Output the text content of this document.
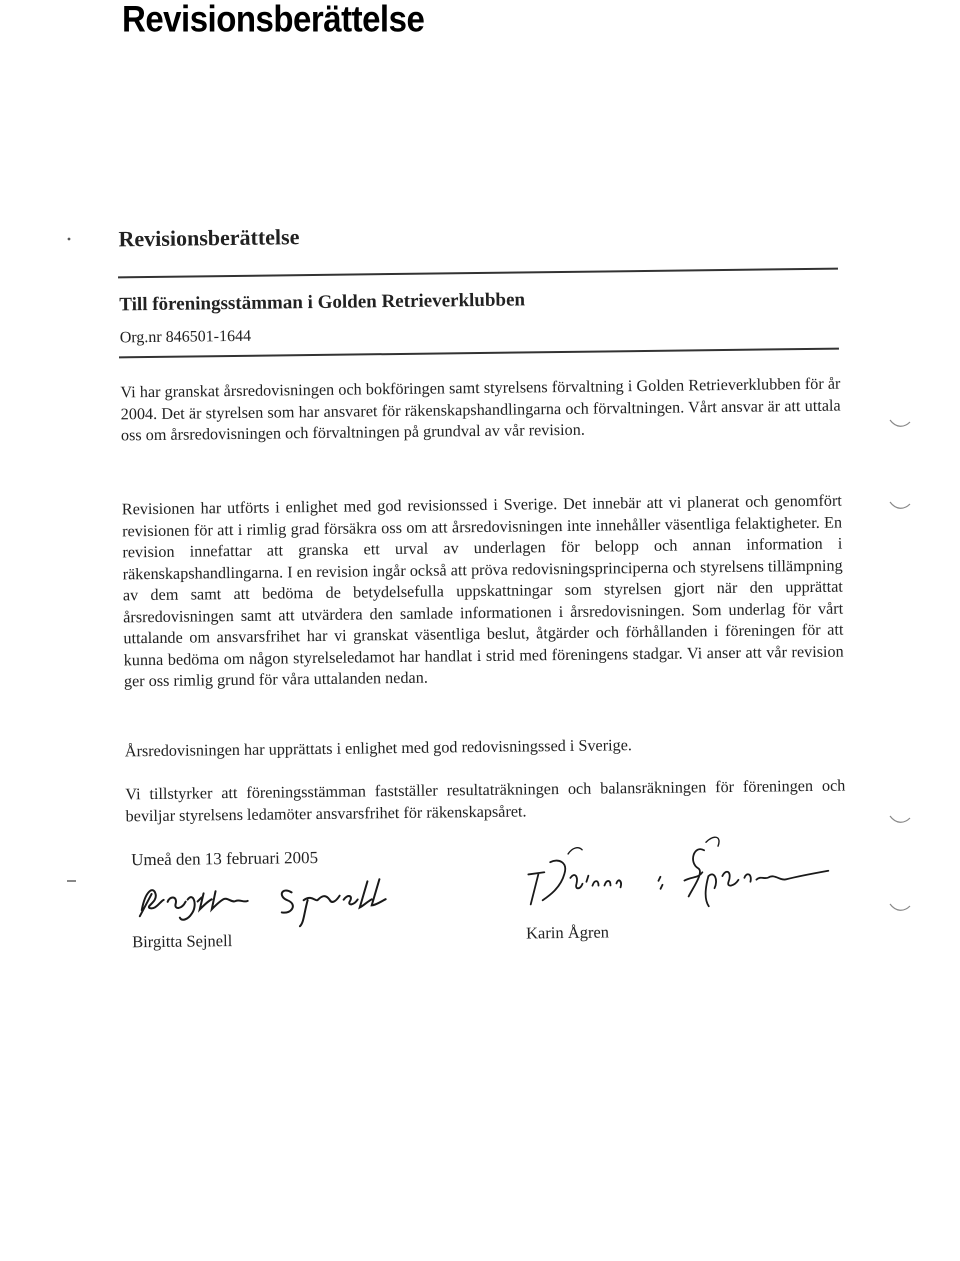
Revisionsberättelse
Revisionsberättelse
Till föreningsstämman i Golden Retrieverklubben
Org.nr 846501-1644

Vi har granskat årsredovisningen och bokföringen samt styrelsens förvaltning i Golden Retrieverklubben för år 2004. Det är styrelsen som har ansvaret för räkenskapshandlingarna och förvaltningen. Vårt ansvar är att uttala oss om årsredovisningen och förvaltningen på grundval av vår revision.

Revisionen har utförts i enlighet med god revisionssed i Sverige. Det innebär att vi planerat och genomfört revisionen för att i rimlig grad försäkra oss om att årsredovisningen inte innehåller väsentliga felaktigheter. En revision innefattar att granska ett urval av underlagen för belopp och annan information i räkenskapshandlingarna. I en revision ingår också att pröva redovisningsprinciperna och styrelsens tillämpning av dem samt att bedöma de betydelsefulla uppskattningar som styrelsen gjort när den upprättat årsredovisningen samt att utvärdera den samlade informationen i årsredovisningen. Som underlag för vårt uttalande om ansvarsfrihet har vi granskat väsentliga beslut, åtgärder och förhållanden i föreningen för att kunna bedöma om någon styrelseledamot har handlat i strid med föreningens stadgar. Vi anser att vår revision ger oss rimlig grund för våra uttalanden nedan.

Årsredovisningen har upprättats i enlighet med god redovisningssed i Sverige.

Vi tillstyrker att föreningsstämman fastställer resultaträkningen och balansräkningen för föreningen och beviljar styrelsens ledamöter ansvarsfrihet för räkenskapsåret.

Umeå den 13 februari 2005
Birgitta Sejnell	Karin Ågren
